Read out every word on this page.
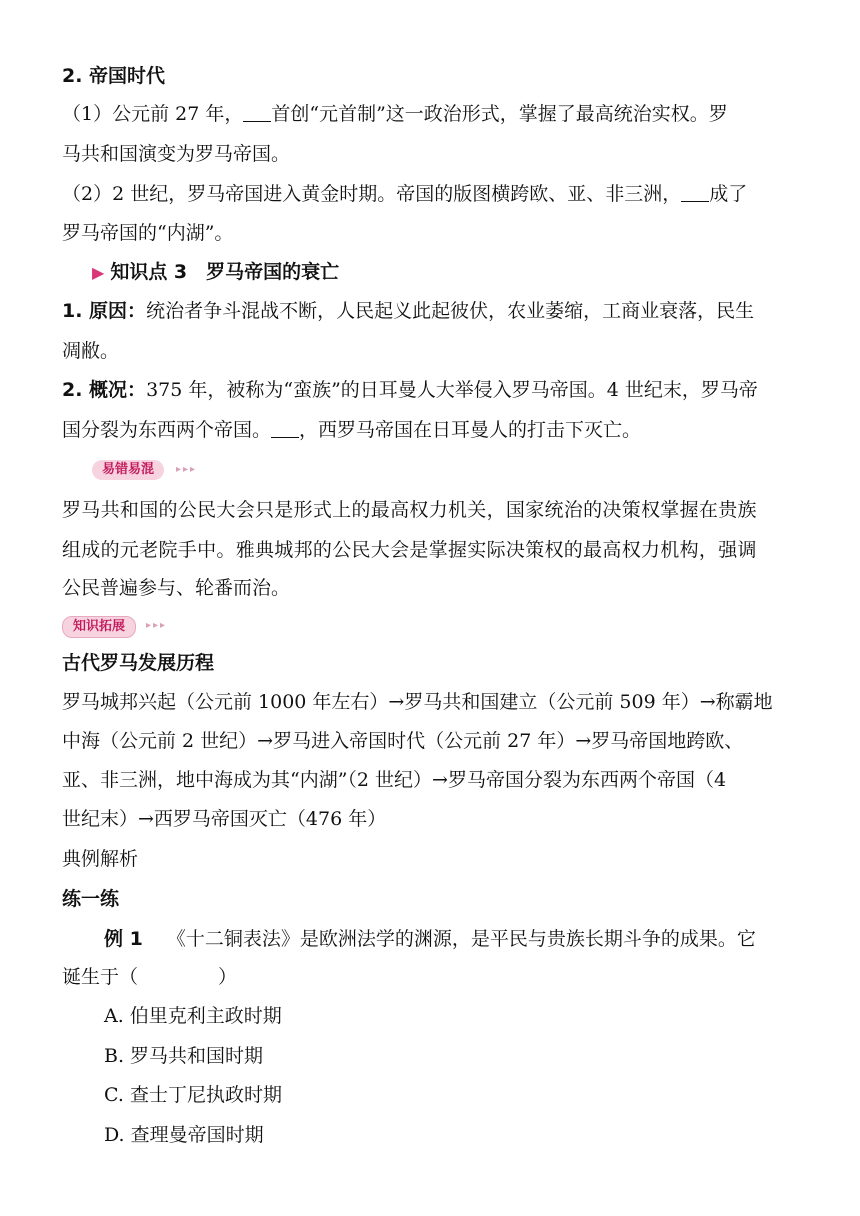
2. 帝国时代
（1）公元前 27 年， 首创“元首制”这一政治形式，掌握了最高统治实权。罗
马共和国演变为罗马帝国。
（2）2 世纪，罗马帝国进入黄金时期。帝国的版图横跨欧、亚、非三洲， 成了
罗马帝国的“内湖”。
▶ 知识点 3　罗马帝国的衰亡
1. 原因：统治者争斗混战不断，人民起义此起彼伏，农业萎缩，工商业衰落，民生
凋敝。
2. 概况：375 年，被称为“蛮族”的日耳曼人大举侵入罗马帝国。4 世纪末，罗马帝
国分裂为东西两个帝国。 ，西罗马帝国在日耳曼人的打击下灭亡。
易错易混	▸▸▸
罗马共和国的公民大会只是形式上的最高权力机关，国家统治的决策权掌握在贵族
组成的元老院手中。雅典城邦的公民大会是掌握实际决策权的最高权力机构，强调
公民普遍参与、轮番而治。
知识拓展	▸▸▸
古代罗马发展历程
罗马城邦兴起（公元前 1000 年左右）→罗马共和国建立（公元前 509 年）→称霸地
中海（公元前 2 世纪）→罗马进入帝国时代（公元前 27 年）→罗马帝国地跨欧、
亚、非三洲，地中海成为其“内湖”（2 世纪）→罗马帝国分裂为东西两个帝国（4
世纪末）→西罗马帝国灭亡（476 年）
典例解析
练一练
例 1 《十二铜表法》是欧洲法学的渊源，是平民与贵族长期斗争的成果。它
诞生于（	）
A. 伯里克利主政时期
B. 罗马共和国时期
C. 查士丁尼执政时期
D. 查理曼帝国时期
